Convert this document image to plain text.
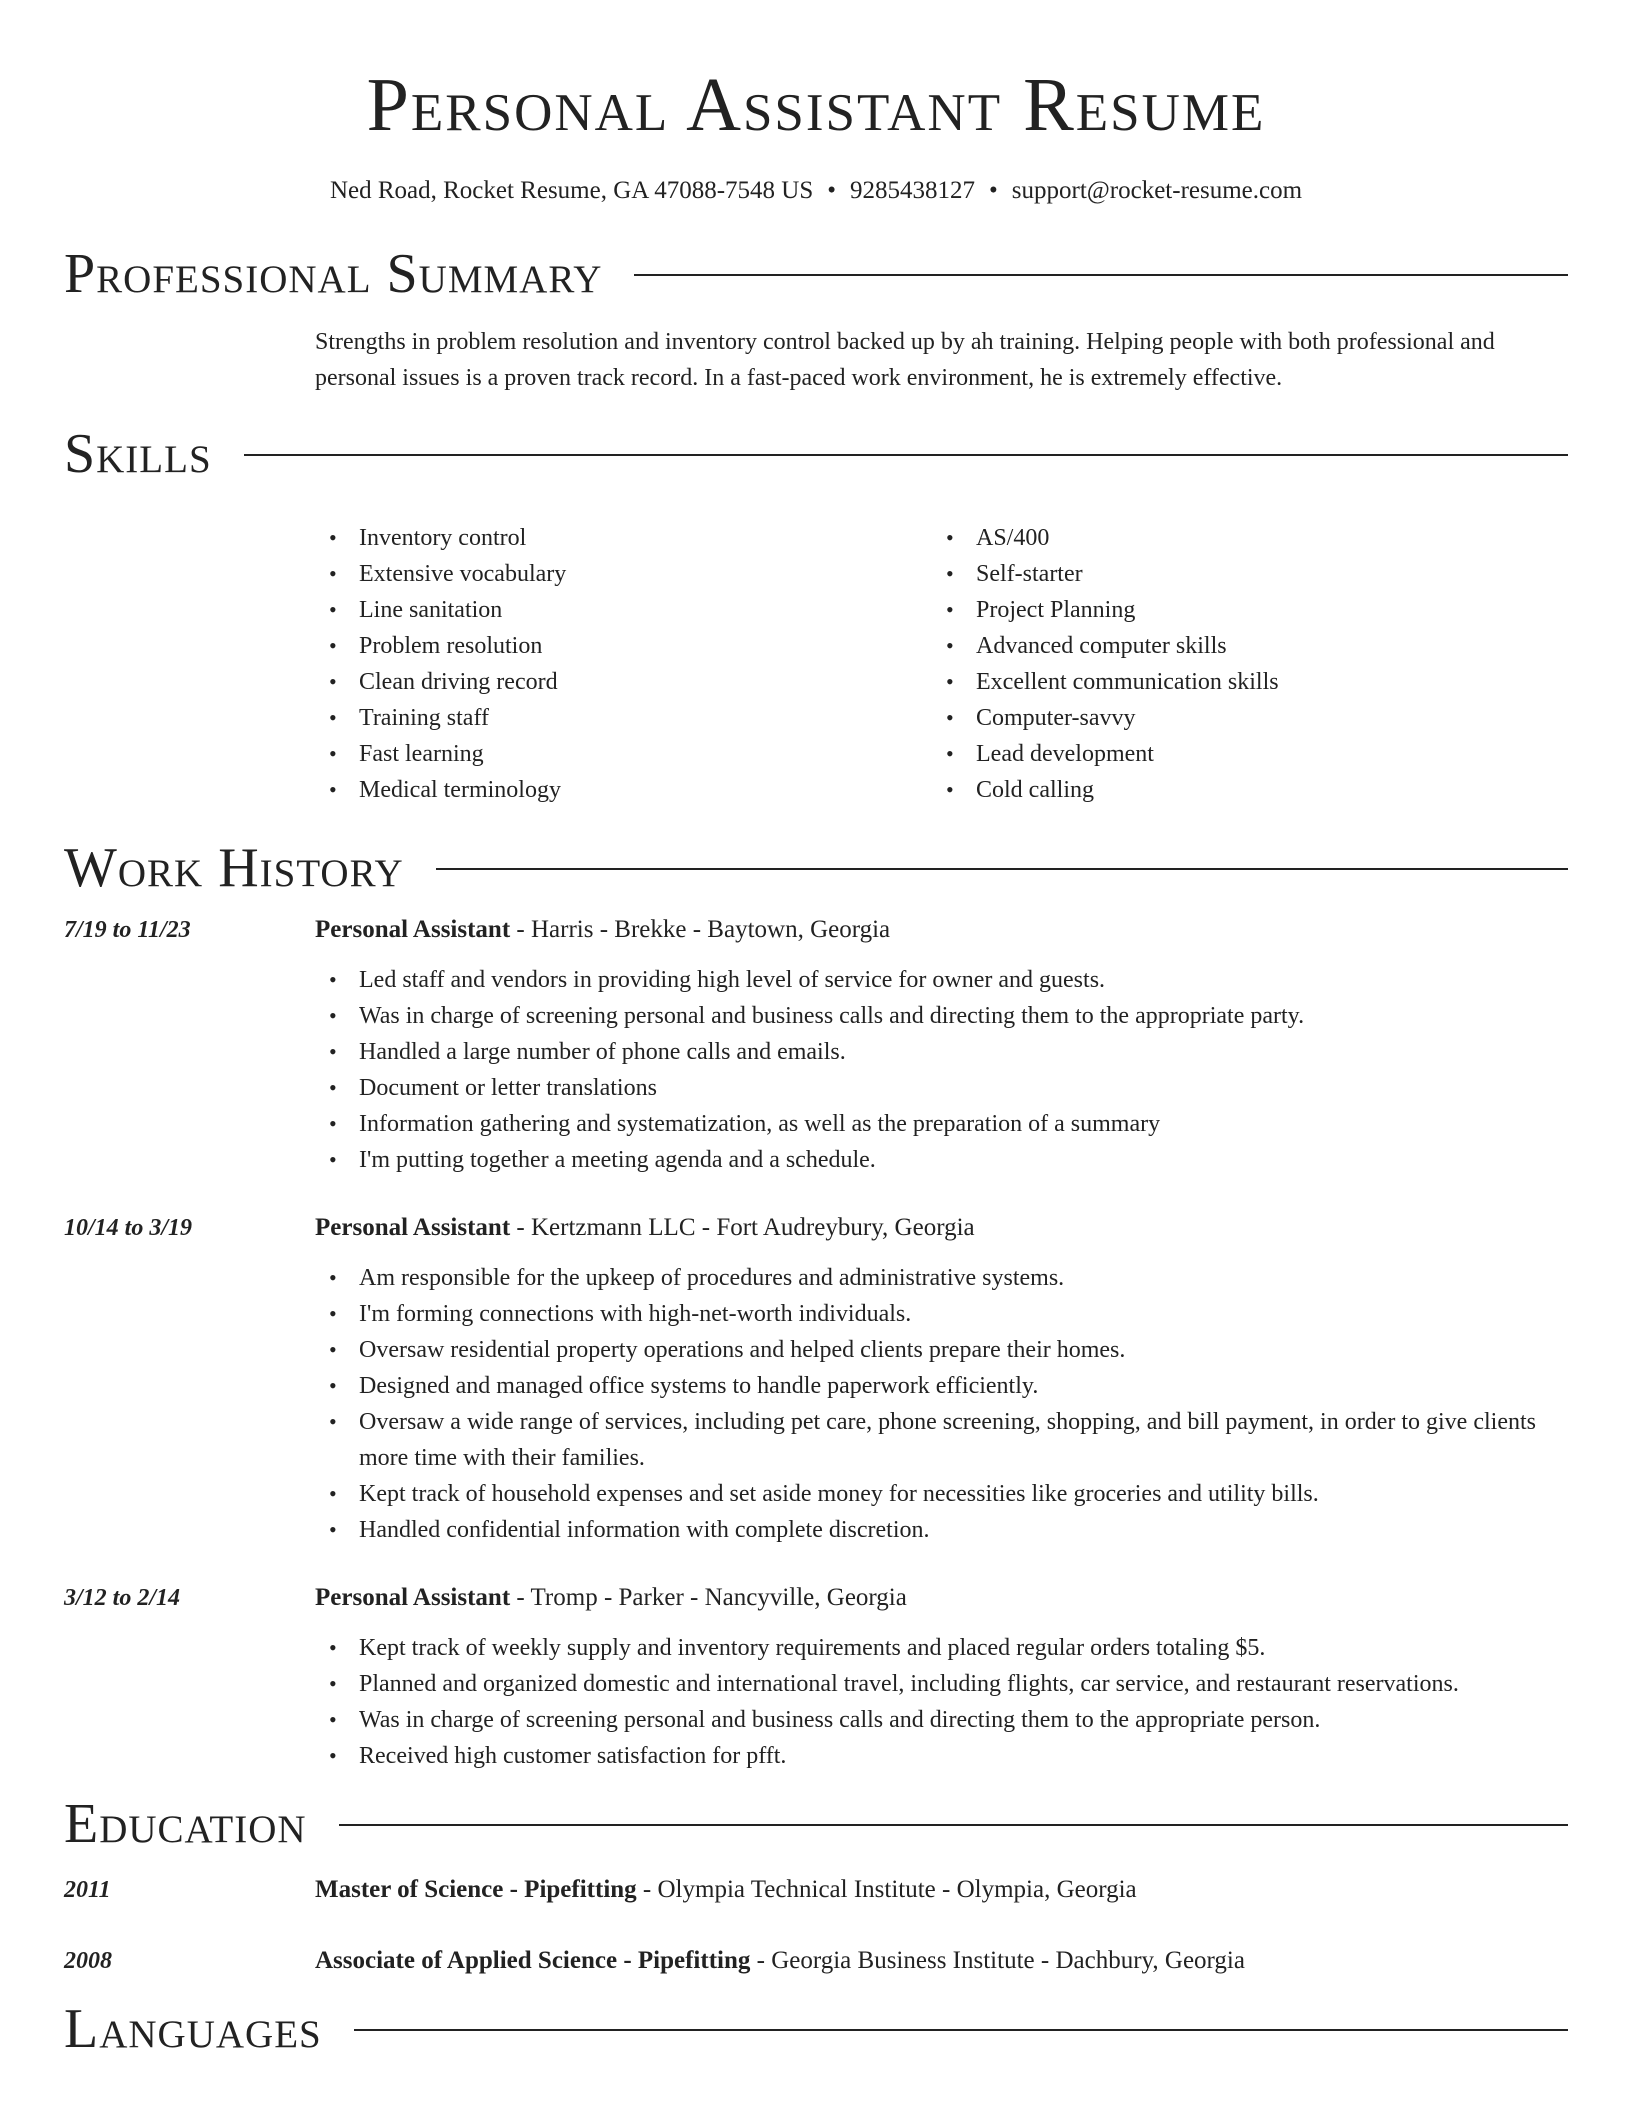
Personal Assistant Resume
Ned Road, Rocket Resume, GA 47088-7548 US • 9285438127 • support@rocket-resume.com
Professional Summary
Strengths in problem resolution and inventory control backed up by ah training. Helping people with both professional and personal issues is a proven track record. In a fast-paced work environment, he is extremely effective.
Skills
• Inventory control
• Extensive vocabulary
• Line sanitation
• Problem resolution
• Clean driving record
• Training staff
• Fast learning
• Medical terminology
• AS/400
• Self-starter
• Project Planning
• Advanced computer skills
• Excellent communication skills
• Computer-savvy
• Lead development
• Cold calling
Work History
7/19 to 11/23	Personal Assistant - Harris - Brekke - Baytown, Georgia
• Led staff and vendors in providing high level of service for owner and guests.
• Was in charge of screening personal and business calls and directing them to the appropriate party.
• Handled a large number of phone calls and emails.
• Document or letter translations
• Information gathering and systematization, as well as the preparation of a summary
• I'm putting together a meeting agenda and a schedule.
10/14 to 3/19	Personal Assistant - Kertzmann LLC - Fort Audreybury, Georgia
• Am responsible for the upkeep of procedures and administrative systems.
• I'm forming connections with high-net-worth individuals.
• Oversaw residential property operations and helped clients prepare their homes.
• Designed and managed office systems to handle paperwork efficiently.
• Oversaw a wide range of services, including pet care, phone screening, shopping, and bill payment, in order to give clients more time with their families.
• Kept track of household expenses and set aside money for necessities like groceries and utility bills.
• Handled confidential information with complete discretion.
3/12 to 2/14	Personal Assistant - Tromp - Parker - Nancyville, Georgia
• Kept track of weekly supply and inventory requirements and placed regular orders totaling $5.
• Planned and organized domestic and international travel, including flights, car service, and restaurant reservations.
• Was in charge of screening personal and business calls and directing them to the appropriate person.
• Received high customer satisfaction for pfft.
Education
2011	Master of Science - Pipefitting - Olympia Technical Institute - Olympia, Georgia
2008	Associate of Applied Science - Pipefitting - Georgia Business Institute - Dachbury, Georgia
Languages
